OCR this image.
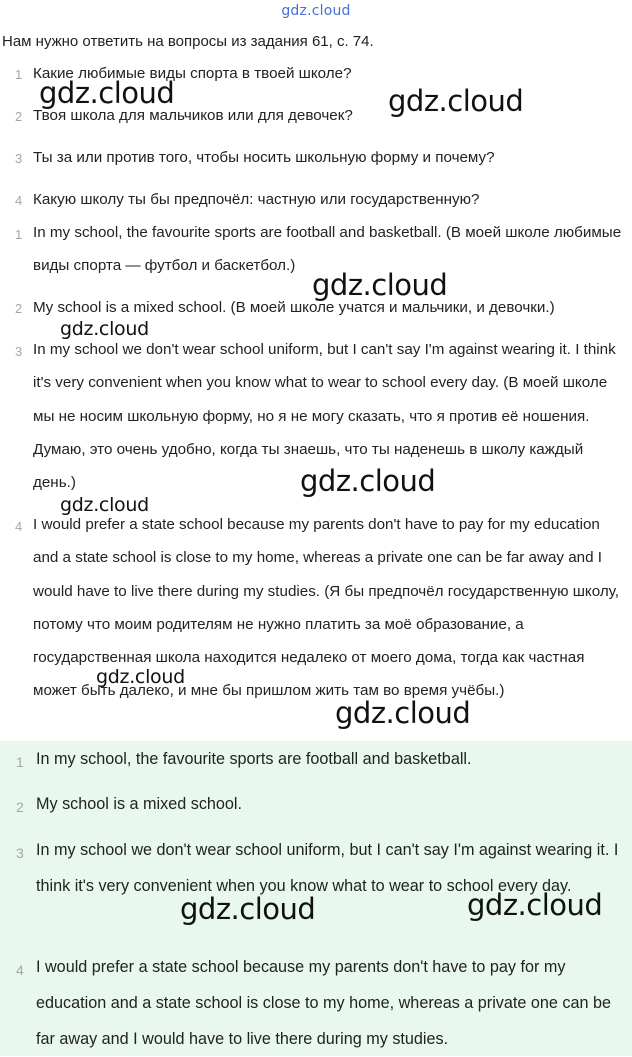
gdz.cloud
Нам нужно ответить на вопросы из задания 61, с. 74.
1 Какие любимые виды спорта в твоей школе?
2 Твоя школа для мальчиков или для девочек?
3 Ты за или против того, чтобы носить школьную форму и почему?
4 Какую школу ты бы предпочёл: частную или государственную?
1 In my school, the favourite sports are football and basketball. (В моей школе любимые виды спорта — футбол и баскетбол.)
2 My school is a mixed school. (В моей школе учатся и мальчики, и девочки.)
3 In my school we don't wear school uniform, but I can't say I'm against wearing it. I think it's very convenient when you know what to wear to school every day. (В моей школе мы не носим школьную форму, но я не могу сказать, что я против её ношения. Думаю, это очень удобно, когда ты знаешь, что ты наденешь в школу каждый день.)
4 I would prefer a state school because my parents don't have to pay for my education and a state school is close to my home, whereas a private one can be far away and I would have to live there during my studies. (Я бы предпочёл государственную школу, потому что моим родителям не нужно платить за моё образование, а государственная школа находится недалеко от моего дома, тогда как частная может быть далеко, и мне бы пришлом жить там во время учёбы.)
1 In my school, the favourite sports are football and basketball.
2 My school is a mixed school.
3 In my school we don't wear school uniform, but I can't say I'm against wearing it. I think it's very convenient when you know what to wear to school every day.
4 I would prefer a state school because my parents don't have to pay for my education and a state school is close to my home, whereas a private one can be far away and I would have to live there during my studies.
gdz.cloud	gdz.cloud
gdz.cloud
gdz.cloud
gdz.cloud
gdz.cloud
gdz.cloud
gdz.cloud
gdz.cloud	gdz.cloud
